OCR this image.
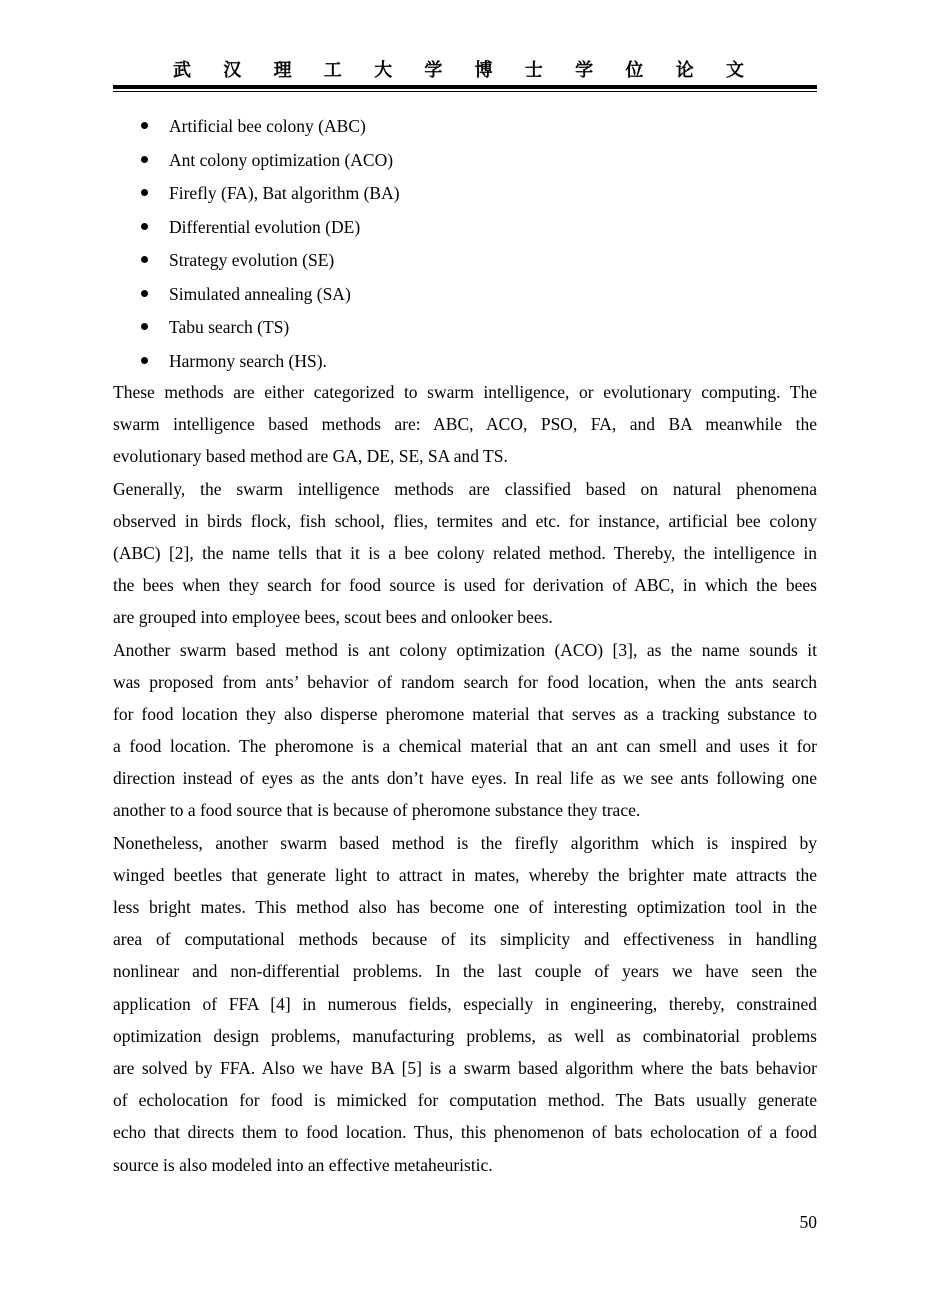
武 汉 理 工 大 学 博 士 学 位 论 文
Artificial bee colony (ABC)
Ant colony optimization (ACO)
Firefly (FA), Bat algorithm (BA)
Differential evolution (DE)
Strategy evolution (SE)
Simulated annealing (SA)
Tabu search (TS)
Harmony search (HS).
These methods are either categorized to swarm intelligence, or evolutionary computing. The
swarm intelligence based methods are: ABC, ACO, PSO, FA, and BA meanwhile the
evolutionary based method are GA, DE, SE, SA and TS.
Generally, the swarm intelligence methods are classified based on natural phenomena
observed in birds flock, fish school, flies, termites and etc. for instance, artificial bee colony
(ABC) [2], the name tells that it is a bee colony related method. Thereby, the intelligence in
the bees when they search for food source is used for derivation of ABC, in which the bees
are grouped into employee bees, scout bees and onlooker bees.
Another swarm based method is ant colony optimization (ACO) [3], as the name sounds it
was proposed from ants’ behavior of random search for food location, when the ants search
for food location they also disperse pheromone material that serves as a tracking substance to
a food location. The pheromone is a chemical material that an ant can smell and uses it for
direction instead of eyes as the ants don’t have eyes. In real life as we see ants following one
another to a food source that is because of pheromone substance they trace.
Nonetheless, another swarm based method is the firefly algorithm which is inspired by
winged beetles that generate light to attract in mates, whereby the brighter mate attracts the
less bright mates. This method also has become one of interesting optimization tool in the
area of computational methods because of its simplicity and effectiveness in handling
nonlinear and non-differential problems. In the last couple of years we have seen the
application of FFA [4] in numerous fields, especially in engineering, thereby, constrained
optimization design problems, manufacturing problems, as well as combinatorial problems
are solved by FFA. Also we have BA [5] is a swarm based algorithm where the bats behavior
of echolocation for food is mimicked for computation method. The Bats usually generate
echo that directs them to food location. Thus, this phenomenon of bats echolocation of a food
source is also modeled into an effective metaheuristic.
50
